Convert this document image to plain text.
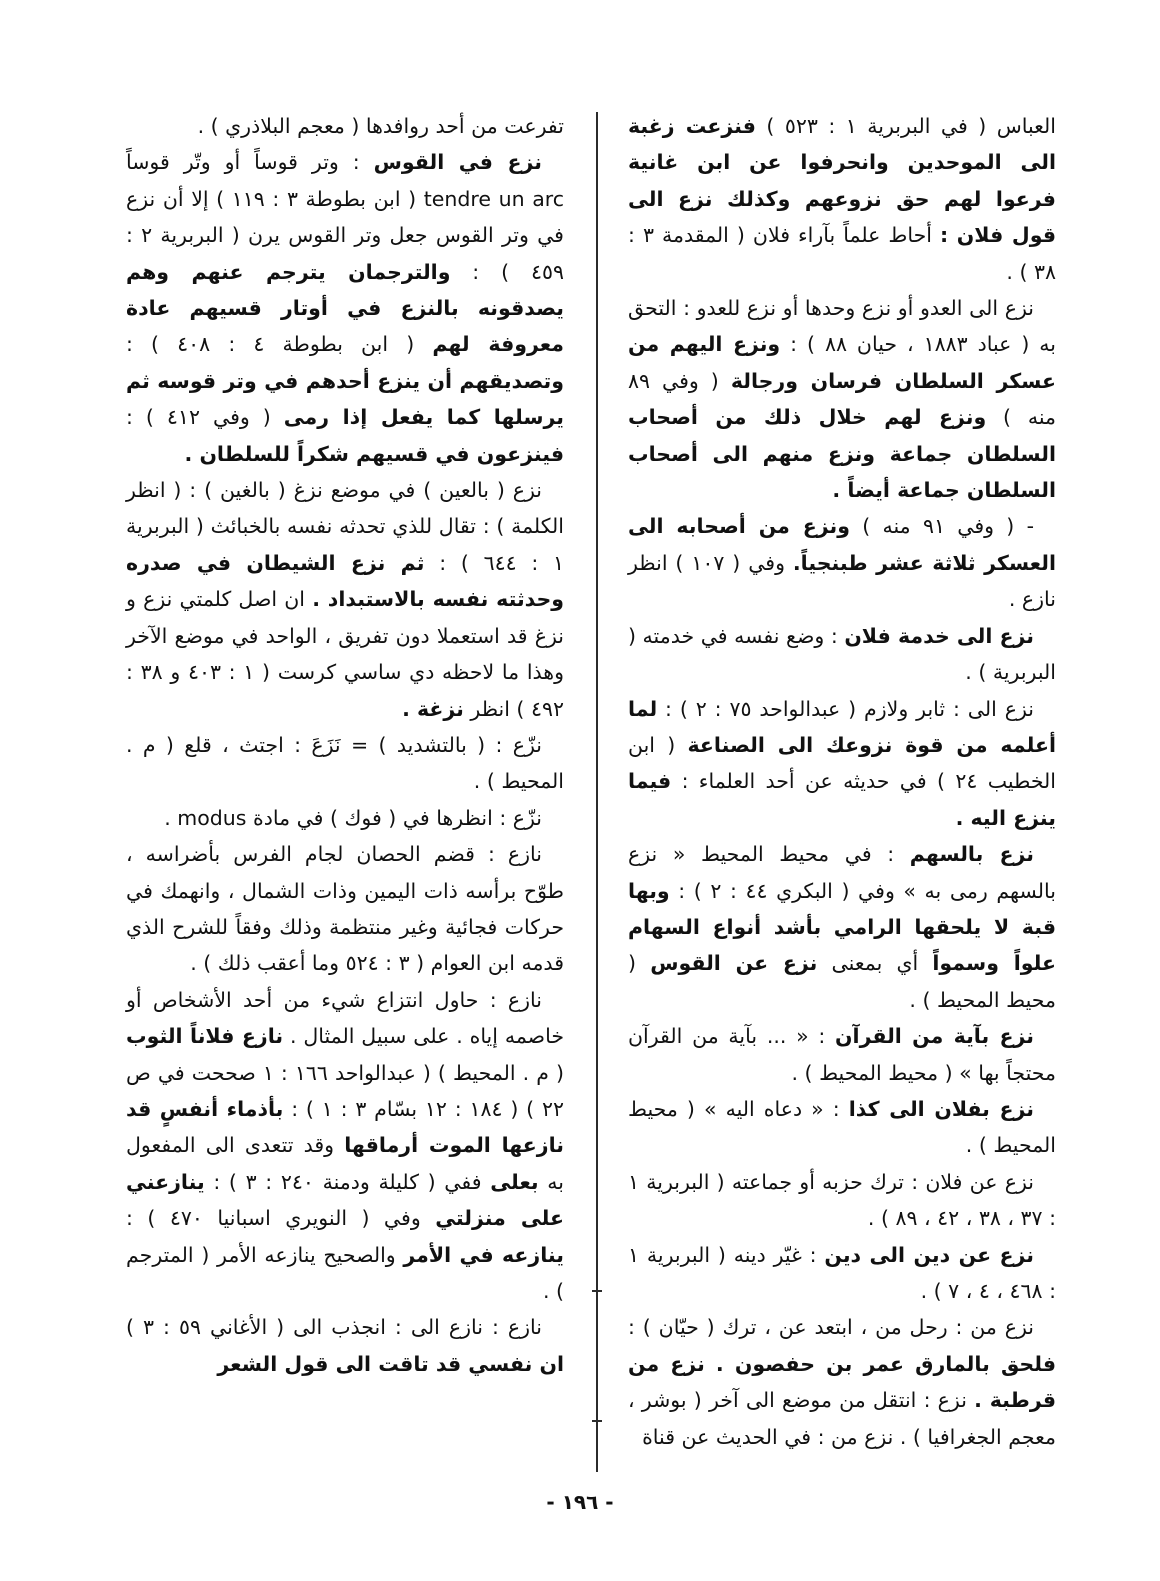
العباس ( في البربرية ١ : ٥٢٣ ) فنزعت زغبة الى الموحدين وانحرفوا عن ابن غانية فرعوا لهم حق نزوعهم وكذلك نزع الى قول فلان : أحاط علماً بآراء فلان ( المقدمة ٣ : ٣٨ ) .

نزع الى العدو أو نزع وحدها أو نزع للعدو : التحق به ( عباد ١٨٨٣ ، حيان ٨٨ ) : ونزع اليهم من عسكر السلطان فرسان ورجالة ( وفي ٨٩ منه ) ونزع لهم خلال ذلك من أصحاب السلطان جماعة ونزع منهم الى أصحاب السلطان جماعة أيضاً .

- ( وفي ٩١ منه ) ونزع من أصحابه الى العسكر ثلاثة عشر طبنجياً. وفي ( ١٠٧ ) انظر نازع .

نزع الى خدمة فلان : وضع نفسه في خدمته ( البربرية ) .

نزع الى : ثابر ولازم ( عبدالواحد ٧٥ : ٢ ) : لما أعلمه من قوة نزوعك الى الصناعة ( ابن الخطيب ٢٤ ) في حديثه عن أحد العلماء : فيما ينزع اليه .

نزع بالسهم : في محيط المحيط « نزع بالسهم رمى به » وفي ( البكري ٤٤ : ٢ ) : وبها قبة لا يلحقها الرامي بأشد أنواع السهام علواً وسمواً أي بمعنى نزع عن القوس ( محيط المحيط ) .

نزع بآية من القرآن : « ... بآية من القرآن محتجاً بها » ( محيط المحيط ) .

نزع بفلان الى كذا : « دعاه اليه » ( محيط المحيط ) .

نزع عن فلان : ترك حزبه أو جماعته ( البربرية ١ : ٣٧ ، ٣٨ ، ٤٢ ، ٨٩ ) .

نزع عن دين الى دين : غيّر دينه ( البربرية ١ : ٤٦٨ ، ٤ ، ٧ ) .

نزع من : رحل من ، ابتعد عن ، ترك ( حيّان ) : فلحق بالمارق عمر بن حفصون . نزع من قرطبة . نزع : انتقل من موضع الى آخر ( بوشر ، معجم الجغرافيا ) . نزع من : في الحديث عن قناة

تفرعت من أحد روافدها ( معجم البلاذري ) .

نزع في القوس : وتر قوساً أو وتّر قوساً tendre un arc ( ابن بطوطة ٣ : ١١٩ ) إلا أن نزع في وتر القوس جعل وتر القوس يرن ( البربرية ٢ : ٤٥٩ ) : والترجمان يترجم عنهم وهم يصدقونه بالنزع في أوتار قسيهم عادة معروفة لهم ( ابن بطوطة ٤ : ٤٠٨ ) : وتصديقهم أن ينزع أحدهم في وتر قوسه ثم يرسلها كما يفعل إذا رمى ( وفي ٤١٢ ) : فينزعون في قسيهم شكراً للسلطان .

نزع ( بالعين ) في موضع نزغ ( بالغين ) : ( انظر الكلمة ) : تقال للذي تحدثه نفسه بالخبائث ( البربرية ١ : ٦٤٤ ) : ثم نزع الشيطان في صدره وحدثته نفسه بالاستبداد . ان اصل كلمتي نزع و نزغ قد استعملا دون تفريق ، الواحد في موضع الآخر وهذا ما لاحظه دي ساسي كرست ( ١ : ٤٠٣ و ٣٨ : ٤٩٢ ) انظر نزغة .

نزّع : ( بالتشديد ) = نَزَعَ : اجتث ، قلع ( م . المحيط ) .

نزّع : انظرها في ( فوك ) في مادة modus .

نازع : قضم الحصان لجام الفرس بأضراسه ، طوّح برأسه ذات اليمين وذات الشمال ، وانهمك في حركات فجائية وغير منتظمة وذلك وفقاً للشرح الذي قدمه ابن العوام ( ٣ : ٥٢٤ وما أعقب ذلك ) .

نازع : حاول انتزاع شيء من أحد الأشخاص أو خاصمه إياه . على سبيل المثال . نازع فلاناً الثوب ( م . المحيط ) ( عبدالواحد ١٦٦ : ١ صححت في ص ٢٢ ) ( ١٨٤ : ١٢ بسّام ٣ : ١ ) : بأذماء أنفسٍ قد نازعها الموت أرماقها وقد تتعدى الى المفعول به بعلى ففي ( كليلة ودمنة ٢٤٠ : ٣ ) : ينازعني على منزلتي وفي ( النويري اسبانيا ٤٧٠ ) : ينازعه في الأمر والصحيح ينازعه الأمر ( المترجم ) .

نازع : نازع الى : انجذب الى ( الأغاني ٥٩ : ٣ ) ان نفسي قد تاقت الى قول الشعر

- ١٩٦ -
